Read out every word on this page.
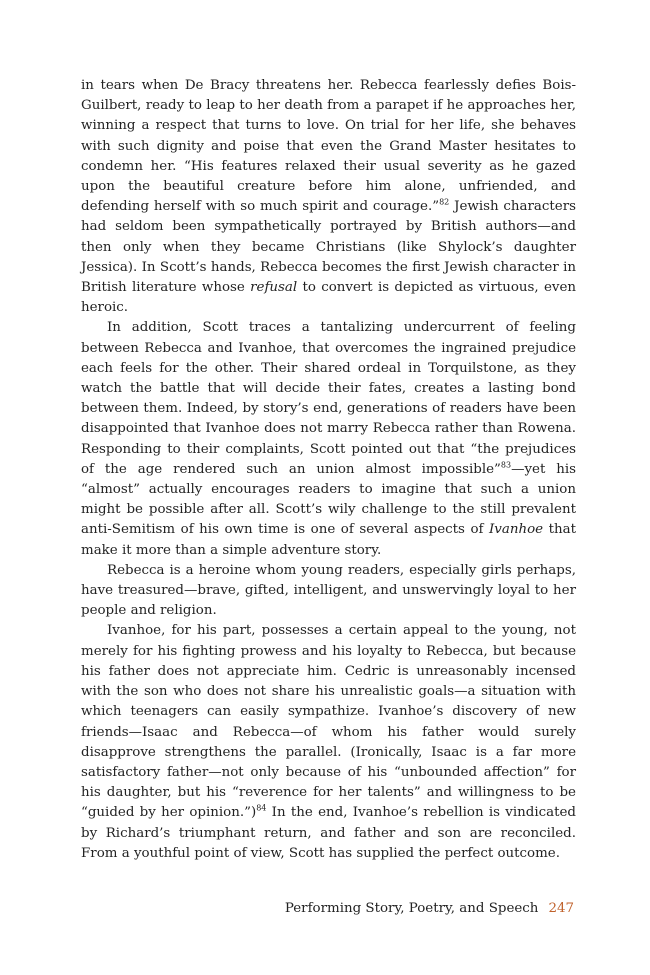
in tears when De Bracy threatens her. Rebecca fearlessly defies Bois-Guilbert, ready to leap to her death from a parapet if he approaches her, winning a respect that turns to love. On trial for her life, she behaves with such dignity and poise that even the Grand Master hesitates to condemn her. “His features relaxed their usual severity as he gazed upon the beautiful creature before him alone, unfriended, and defending herself with so much spirit and courage.”$^{82}$ Jewish characters had seldom been sympathetically portrayed by British authors—and then only when they became Christians (like Shylock’s daughter Jessica). In Scott’s hands, Rebecca becomes the first Jewish character in British literature whose refusal to convert is depicted as virtuous, even heroic.

In addition, Scott traces a tantalizing undercurrent of feeling between Rebecca and Ivanhoe, that overcomes the ingrained prejudice each feels for the other. Their shared ordeal in Torquilstone, as they watch the battle that will decide their fates, creates a lasting bond between them. Indeed, by story’s end, generations of readers have been disappointed that Ivanhoe does not marry Rebecca rather than Rowena. Responding to their complaints, Scott pointed out that “the prejudices of the age rendered such an union almost impossible”$^{83}$—yet his “almost” actually encourages readers to imagine that such a union might be possible after all. Scott’s wily challenge to the still prevalent anti-Semitism of his own time is one of several aspects of Ivanhoe that make it more than a simple adventure story.

Rebecca is a heroine whom young readers, especially girls perhaps, have treasured—brave, gifted, intelligent, and unswervingly loyal to her people and religion.

Ivanhoe, for his part, possesses a certain appeal to the young, not merely for his fighting prowess and his loyalty to Rebecca, but because his father does not appreciate him. Cedric is unreasonably incensed with the son who does not share his unrealistic goals—a situation with which teenagers can easily sympathize. Ivanhoe’s discovery of new friends—Isaac and Rebecca—of whom his father would surely disapprove strengthens the parallel. (Ironically, Isaac is a far more satisfactory father—not only because of his “unbounded affection” for his daughter, but his “reverence for her talents” and willingness to be “guided by her opinion.”)$^{84}$ In the end, Ivanhoe’s rebellion is vindicated by Richard’s triumphant return, and father and son are reconciled. From a youthful point of view, Scott has supplied the perfect outcome.

Performing Story, Poetry, and Speech 247
